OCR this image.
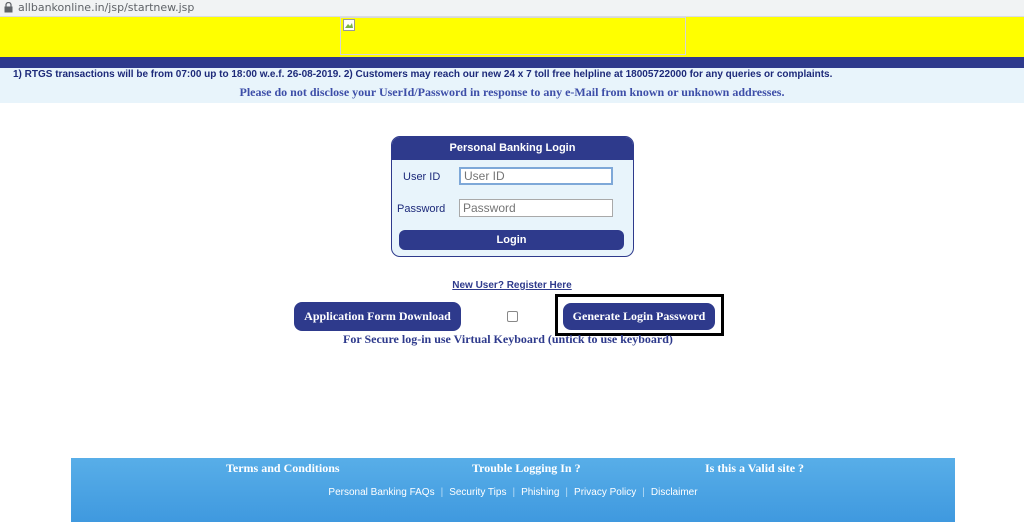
allbankonline.in/jsp/startnew.jsp
1) RTGS transactions will be from 07:00 up to 18:00 w.e.f. 26-08-2019. 2) Customers may reach our new 24 x 7 toll free helpline at 18005722000 for any queries or complaints.
Please do not disclose your UserId/Password in response to any e-Mail from known or unknown addresses.
Personal Banking Login
User ID
User ID
Password
Login
New User? Register Here
Application Form Download	Generate Login Password
For Secure log-in use Virtual Keyboard (untick to use keyboard)
Terms and Conditions	Trouble Logging In ?	Is this a Valid site ?
Personal Banking FAQs | Security Tips | Phishing | Privacy Policy | Disclaimer
